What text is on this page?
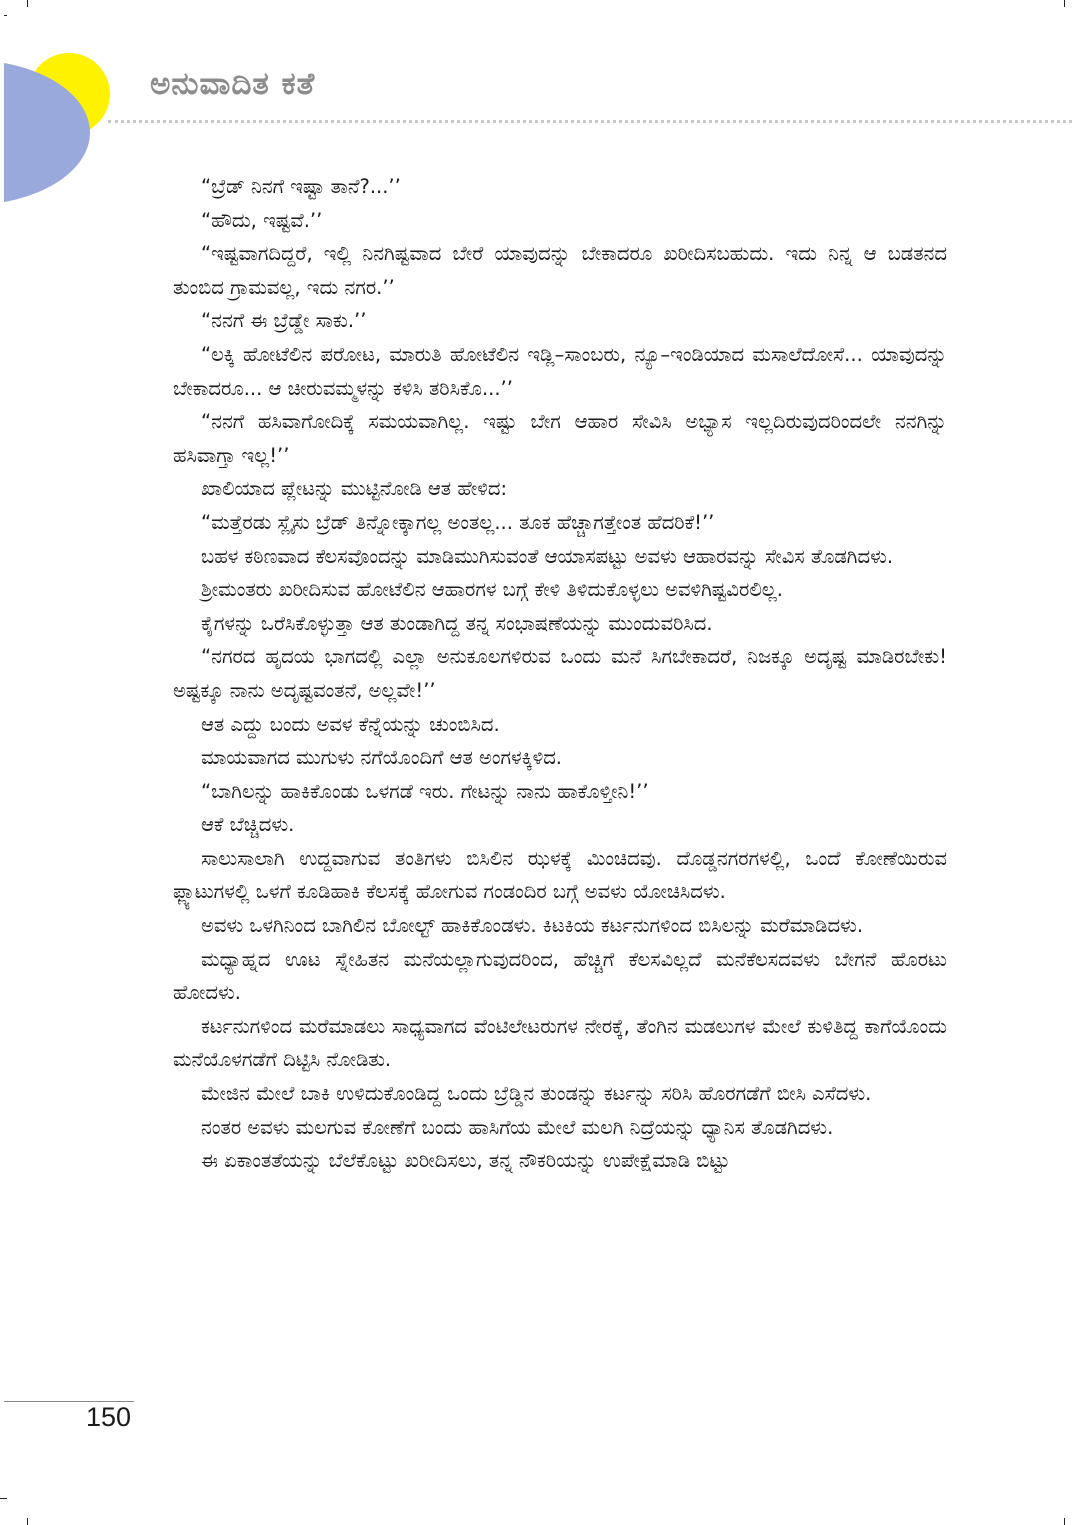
ಅನುವಾದಿತ ಕತೆ

“ಬ್ರೆಡ್ ನಿನಗೆ ಇಷ್ಟಾ ತಾನೆ?...’’

“ಹೌದು, ಇಷ್ಟವೆ.’’

“ಇಷ್ಟವಾಗದಿದ್ದರೆ, ಇಲ್ಲಿ ನಿನಗಿಷ್ಟವಾದ ಬೇರೆ ಯಾವುದನ್ನು ಬೇಕಾದರೂ ಖರೀದಿಸಬಹುದು. ಇದು ನಿನ್ನ ಆ ಬಡತನದ ತುಂಬಿದ ಗ್ರಾಮವಲ್ಲ, ಇದು ನಗರ.’’

“ನನಗೆ ಈ ಬ್ರೆಡ್ಡೇ ಸಾಕು.’’

“ಲಕ್ಕಿ ಹೋಟೆಲಿನ ಪರೋಟ, ಮಾರುತಿ ಹೋಟೆಲಿನ ಇಡ್ಲಿ–ಸಾಂಬರು, ನ್ಯೂ–ಇಂಡಿಯಾದ ಮಸಾಲೆದೋಸೆ... ಯಾವುದನ್ನು ಬೇಕಾದರೂ... ಆ ಚೀರುವಮ್ಮಳನ್ನು ಕಳಿಸಿ ತರಿಸಿಕೊ...’’

“ನನಗೆ ಹಸಿವಾಗೋದಿಕ್ಕೆ ಸಮಯವಾಗಿಲ್ಲ. ಇಷ್ಟು ಬೇಗ ಆಹಾರ ಸೇವಿಸಿ ಅಭ್ಯಾಸ ಇಲ್ಲದಿರುವುದರಿಂದಲೇ ನನಗಿನ್ನು ಹಸಿವಾಗ್ತಾ ಇಲ್ಲ!’’

ಖಾಲಿಯಾದ ಪ್ಲೇಟನ್ನು ಮುಟ್ಟಿನೋಡಿ ಆತ ಹೇಳಿದ:

“ಮತ್ತೆರಡು ಸ್ಲೈಸು ಬ್ರೆಡ್ ತಿನ್ನೋಕ್ಕಾಗಲ್ಲ ಅಂತಲ್ಲ... ತೂಕ ಹೆಚ್ಚಾಗತ್ತೇಂತ ಹೆದರಿಕೆ!’’

ಬಹಳ ಕಠಿಣವಾದ ಕೆಲಸವೊಂದನ್ನು ಮಾಡಿಮುಗಿಸುವಂತೆ ಆಯಾಸಪಟ್ಟು ಅವಳು ಆಹಾರವನ್ನು ಸೇವಿಸ ತೊಡಗಿದಳು.

ಶ್ರೀಮಂತರು ಖರೀದಿಸುವ ಹೋಟೆಲಿನ ಆಹಾರಗಳ ಬಗ್ಗೆ ಕೇಳಿ ತಿಳಿದುಕೊಳ್ಳಲು ಅವಳಿಗಿಷ್ಟವಿರಲಿಲ್ಲ.

ಕೈಗಳನ್ನು ಒರೆಸಿಕೊಳ್ಳುತ್ತಾ ಆತ ತುಂಡಾಗಿದ್ದ ತನ್ನ ಸಂಭಾಷಣೆಯನ್ನು ಮುಂದುವರಿಸಿದ.

“ನಗರದ ಹೃದಯ ಭಾಗದಲ್ಲಿ ಎಲ್ಲಾ ಅನುಕೂಲಗಳಿರುವ ಒಂದು ಮನೆ ಸಿಗಬೇಕಾದರೆ, ನಿಜಕ್ಕೂ ಅದೃಷ್ಟ ಮಾಡಿರಬೇಕು! ಅಷ್ಟಕ್ಕೂ ನಾನು ಅದೃಷ್ಟವಂತನೆ, ಅಲ್ಲವೇ!’’

ಆತ ಎದ್ದು ಬಂದು ಅವಳ ಕೆನ್ನೆಯನ್ನು ಚುಂಬಿಸಿದ.

ಮಾಯವಾಗದ ಮುಗುಳು ನಗೆಯೊಂದಿಗೆ ಆತ ಅಂಗಳಕ್ಕಿಳಿದ.

“ಬಾಗಿಲನ್ನು ಹಾಕಿಕೊಂಡು ಒಳಗಡೆ ಇರು. ಗೇಟನ್ನು ನಾನು ಹಾಕೊಳ್ತೀನಿ!’’

ಆಕೆ ಬೆಚ್ಚಿದಳು.

ಸಾಲುಸಾಲಾಗಿ ಉದ್ದವಾಗುವ ತಂತಿಗಳು ಬಿಸಿಲಿನ ಝಳಕ್ಕೆ ಮಿಂಚಿದವು. ದೊಡ್ಡನಗರಗಳಲ್ಲಿ, ಒಂದೆ ಕೋಣೆಯಿರುವ ಫ್ಲ್ಯಾಟುಗಳಲ್ಲಿ ಒಳಗೆ ಕೂಡಿಹಾಕಿ ಕೆಲಸಕ್ಕೆ ಹೋಗುವ ಗಂಡಂದಿರ ಬಗ್ಗೆ ಅವಳು ಯೋಚಿಸಿದಳು.

ಅವಳು ಒಳಗಿನಿಂದ ಬಾಗಿಲಿನ ಬೋಲ್ಟ್ ಹಾಕಿಕೊಂಡಳು. ಕಿಟಕಿಯ ಕರ್ಟನುಗಳಿಂದ ಬಿಸಿಲನ್ನು ಮರೆಮಾಡಿದಳು.

ಮಧ್ಯಾಹ್ನದ ಊಟ ಸ್ನೇಹಿತನ ಮನೆಯಲ್ಲಾಗುವುದರಿಂದ, ಹೆಚ್ಚಿಗೆ ಕೆಲಸವಿಲ್ಲದೆ ಮನೆಕೆಲಸದವಳು ಬೇಗನೆ ಹೊರಟು ಹೋದಳು.

ಕರ್ಟನುಗಳಿಂದ ಮರೆಮಾಡಲು ಸಾಧ್ಯವಾಗದ ವೆಂಟಿಲೇಟರುಗಳ ನೇರಕ್ಕೆ, ತೆಂಗಿನ ಮಡಲುಗಳ ಮೇಲೆ ಕುಳಿತಿದ್ದ ಕಾಗೆಯೊಂದು ಮನೆಯೊಳಗಡೆಗೆ ದಿಟ್ಟಿಸಿ ನೋಡಿತು.

ಮೇಜಿನ ಮೇಲೆ ಬಾಕಿ ಉಳಿದುಕೊಂಡಿದ್ದ ಒಂದು ಬ್ರೆಡ್ಡಿನ ತುಂಡನ್ನು ಕರ್ಟನ್ನು ಸರಿಸಿ ಹೊರಗಡೆಗೆ ಬೀಸಿ ಎಸೆದಳು.

ನಂತರ ಅವಳು ಮಲಗುವ ಕೋಣೆಗೆ ಬಂದು ಹಾಸಿಗೆಯ ಮೇಲೆ ಮಲಗಿ ನಿದ್ರೆಯನ್ನು ಧ್ಯಾನಿಸ ತೊಡಗಿದಳು.

ಈ ಏಕಾಂತತೆಯನ್ನು ಬೆಲೆಕೊಟ್ಟು ಖರೀದಿಸಲು, ತನ್ನ ನೌಕರಿಯನ್ನು ಉಪೇಕ್ಷೆಮಾಡಿ ಬಿಟ್ಟು

150
